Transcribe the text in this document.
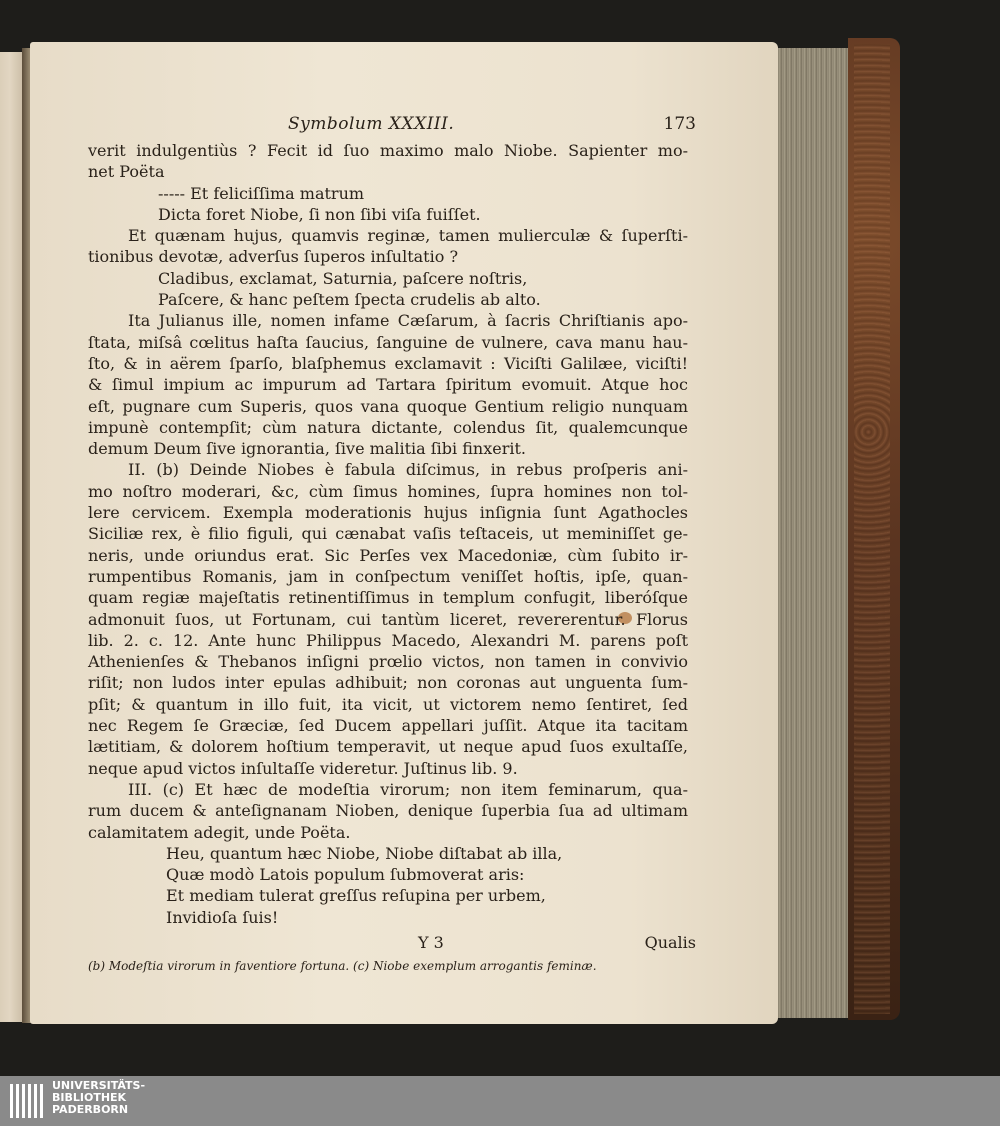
Symbolum XXXIII.	173
verit indulgentiùs ? Fecit id ſuo maximo malo Niobe. Sapienter mo-
net Poëta
----- Et feliciſſima matrum
Dicta foret Niobe, ſi non ſibi viſa fuiſſet.
Et quænam hujus, quamvis reginæ, tamen mulierculæ & ſuperſti-
tionibus devotæ, adverſus ſuperos inſultatio ?
Cladibus, exclamat, Saturnia, paſcere noſtris,
Paſcere, & hanc peſtem ſpecta crudelis ab alto.
Ita Julianus ille, nomen infame Cæſarum, à ſacris Chriſtianis apo-
ſtata, miſsâ cœlitus haſta ſaucius, ſanguine de vulnere, cava manu hau-
ſto, & in aërem ſparſo, blaſphemus exclamavit : Viciſti Galilæe, viciſti!
& ſimul impium ac impurum ad Tartara ſpiritum evomuit. Atque hoc
eſt, pugnare cum Superis, quos vana quoque Gentium religio nunquam
impunè contempſit; cùm natura dictante, colendus ſit, qualemcunque
demum Deum ſive ignorantia, ſive malitia ſibi finxerit.
II. (b) Deinde Niobes è fabula diſcimus, in rebus proſperis ani-
mo noſtro moderari, &c, cùm ſimus homines, ſupra homines non tol-
lere cervicem. Exempla moderationis hujus inſignia ſunt Agathocles
Siciliæ rex, è filio figuli, qui cænabat vaſis teſtaceis, ut meminiſſet ge-
neris, unde oriundus erat. Sic Perſes vex Macedoniæ, cùm ſubito ir-
rumpentibus Romanis, jam in conſpectum veniſſet hoſtis, ipſe, quan-
quam regiæ majeſtatis retinentiſſimus in templum confugit, liberóſque
admonuit ſuos, ut Fortunam, cui tantùm liceret, revererentur. Florus
lib. 2. c. 12. Ante hunc Philippus Macedo, Alexandri M. parens poſt
Athenienſes & Thebanos inſigni prœlio victos, non tamen in convivio
riſit; non ludos inter epulas adhibuit; non coronas aut unguenta ſum-
pſit; & quantum in illo fuit, ita vicit, ut victorem nemo ſentiret, ſed
nec Regem ſe Græciæ, ſed Ducem appellari juſſit. Atque ita tacitam
lætitiam, & dolorem hoſtium temperavit, ut neque apud ſuos exultaſſe,
neque apud victos inſultaſſe videretur. Juſtinus lib. 9.
III. (c) Et hæc de modeſtia virorum; non item feminarum, qua-
rum ducem & anteſignanam Nioben, denique ſuperbia ſua ad ultimam
calamitatem adegit, unde Poëta.
Heu, quantum hæc Niobe, Niobe diſtabat ab illa,
Quæ modò Latois populum ſubmoverat aris:
Et mediam tulerat greſſus reſupina per urbem,
Invidioſa ſuis!
Y 3	Qualis
(b) Modeſtia virorum in faventiore fortuna. (c) Niobe exemplum arrogantis feminæ.
UNIVERSITÄTS-
BIBLIOTHEK
PADERBORN
